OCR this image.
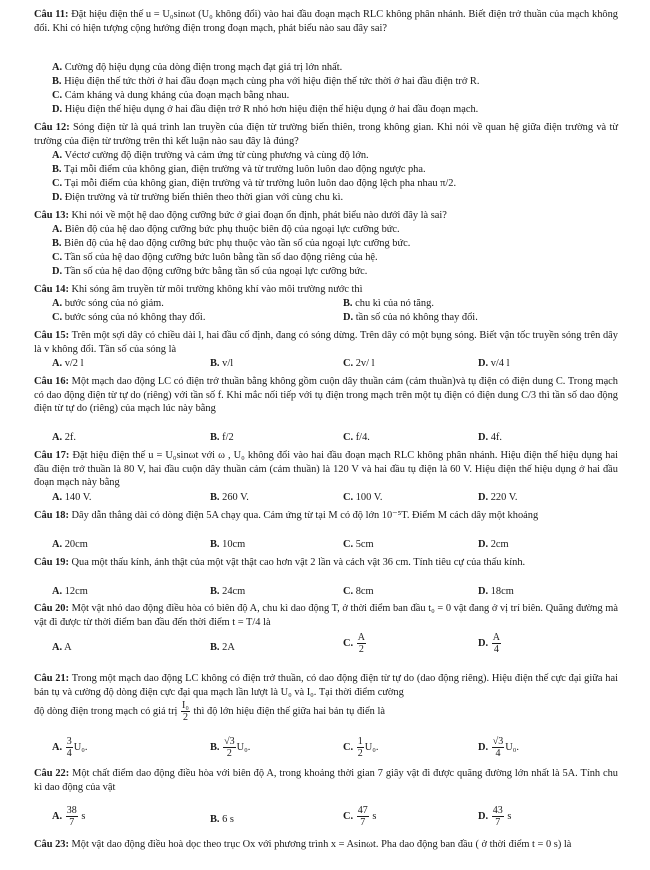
Câu 11: Đặt hiệu điện thế u = U₀sinωt (U₀ không đổi) vào hai đầu đoạn mạch RLC không phân nhánh. Biết điện trở thuần của mạch không đổi. Khi có hiện tượng cộng hưởng điện trong đoạn mạch, phát biểu nào sau đây sai?
A. Cường độ hiệu dụng của dòng điện trong mạch đạt giá trị lớn nhất.
B. Hiệu điện thế tức thời ở hai đầu đoạn mạch cùng pha với hiệu điện thế tức thời ở hai đầu điện trở R.
C. Cảm kháng và dung kháng của đoạn mạch bằng nhau.
D. Hiệu điện thế hiệu dụng ở hai đầu điện trở R nhỏ hơn hiệu điện thế hiệu dụng ở hai đầu đoạn mạch.
Câu 12: Sóng điện từ là quá trình lan truyền của điện từ trường biến thiên, trong không gian. Khi nói về quan hệ giữa điện trường và từ trường của điện từ trường trên thì kết luận nào sau đây là đúng?
A. Véctơ cường độ điện trường và cảm ứng từ cùng phương và cùng độ lớn.
B. Tại mỗi điểm của không gian, điện trường và từ trường luôn luôn dao động ngược pha.
C. Tại mỗi điểm của không gian, điện trường và từ trường luôn luôn dao động lệch pha nhau π/2.
D. Điện trường và từ trường biến thiên theo thời gian với cùng chu kì.
Câu 13: Khi nói về một hệ dao động cưỡng bức ở giai đoạn ổn định, phát biểu nào dưới đây là sai?
A. Biên độ của hệ dao động cưỡng bức phụ thuộc biên độ của ngoại lực cưỡng bức.
B. Biên độ của hệ dao động cưỡng bức phụ thuộc vào tần số của ngoại lực cưỡng bức.
C. Tần số của hệ dao động cưỡng bức luôn bằng tần số dao động riêng của hệ.
D. Tần số của hệ dao động cưỡng bức bằng tần số của ngoại lực cưỡng bức.
Câu 14: Khi sóng âm truyền từ môi trường không khí vào môi trường nước thì
A. bước sóng của nó giảm.	B. chu kì của nó tăng.
C. bước sóng của nó không thay đổi.	D. tần số của nó không thay đổi.
Câu 15: Trên một sợi dây có chiều dài l, hai đầu cố định, đang có sóng dừng. Trên dây có một bụng sóng. Biết vận tốc truyền sóng trên dây là v không đổi. Tần số của sóng là
A. v/2 l	B. v/l	C. 2v/ l	D. v/4 l
Câu 16: Một mạch dao động LC có điện trở thuần bằng không gồm cuộn dây thuần cảm (cảm thuần)và tụ điện có điện dung C. Trong mạch có dao động điện từ tự do (riêng) với tần số f. Khi mắc nối tiếp với tụ điện trong mạch trên một tụ điện có điện dung C/3 thì tần số dao động điện từ tự do (riêng) của mạch lúc này bằng
A. 2f.	B. f/2	C. f/4.	D. 4f.
Câu 17: Đặt hiệu điện thế u = U₀sinωt với ω , U₀ không đổi vào hai đầu đoạn mạch RLC không phân nhánh. Hiệu điện thế hiệu dụng hai đầu điện trở thuần là 80 V, hai đầu cuộn dây thuần cảm (cảm thuần) là 120 V và hai đầu tụ điện là 60 V. Hiệu điện thế hiệu dụng ở hai đầu đoạn mạch này bằng
A. 140 V.	B. 260 V.	C. 100 V.	D. 220 V.
Câu 18: Dây dẫn thẳng dài có dòng điện 5A chạy qua. Cảm ứng từ tại M có độ lớn 10⁻⁵T. Điểm M cách dây một khoảng
A. 20cm	B. 10cm	C. 5cm	D. 2cm
Câu 19: Qua một thấu kính, ảnh thật của một vật thật cao hơn vật 2 lần và cách vật 36 cm. Tính tiêu cự của thấu kính.
A. 12cm	B. 24cm	C. 8cm	D. 18cm
Câu 20: Một vật nhỏ dao động điều hòa có biên độ A, chu kì dao động T, ở thời điểm ban đầu t₀ = 0 vật đang ở vị trí biên. Quãng đường mà vật đi được từ thời điểm ban đầu đến thời điểm t = T/4 là
A. A	B. 2A	C. $\frac{A}{2}$	D. $\frac{A}{4}$
Câu 21: Trong một mạch dao động LC không có điện trở thuần, có dao động điện từ tự do (dao động riêng). Hiệu điện thế cực đại giữa hai bản tụ và cường độ dòng điện cực đại qua mạch lần lượt là U₀ và I₀. Tại thời điểm cường
độ dòng điện trong mạch có giá trị $\frac{\text{I₀}}{2}$ thì độ lớn hiệu điện thế giữa hai bản tụ điển là
A. $\frac{3}{4} U_0$.	B. $\frac{√3}{2} U_0$.	C. $\frac{1}{2} U_0$.	D. $\frac{√3}{4} U_0$.
Câu 22: Một chất điểm dao động điều hòa với biên độ A, trong khoảng thời gian 7 giây vật đi được quãng đường lớn nhất là 5A. Tính chu kì dao động của vật
A. $\frac{38}{7}$ s	B. 6 s	C. $\frac{47}{7}$ s	D. $\frac{43}{7}$ s
Câu 23: Một vật dao động điều hoà dọc theo trục Ox với phương trình x = Asinωt. Pha dao động ban đầu ( ở thời điểm t = 0 s) là
